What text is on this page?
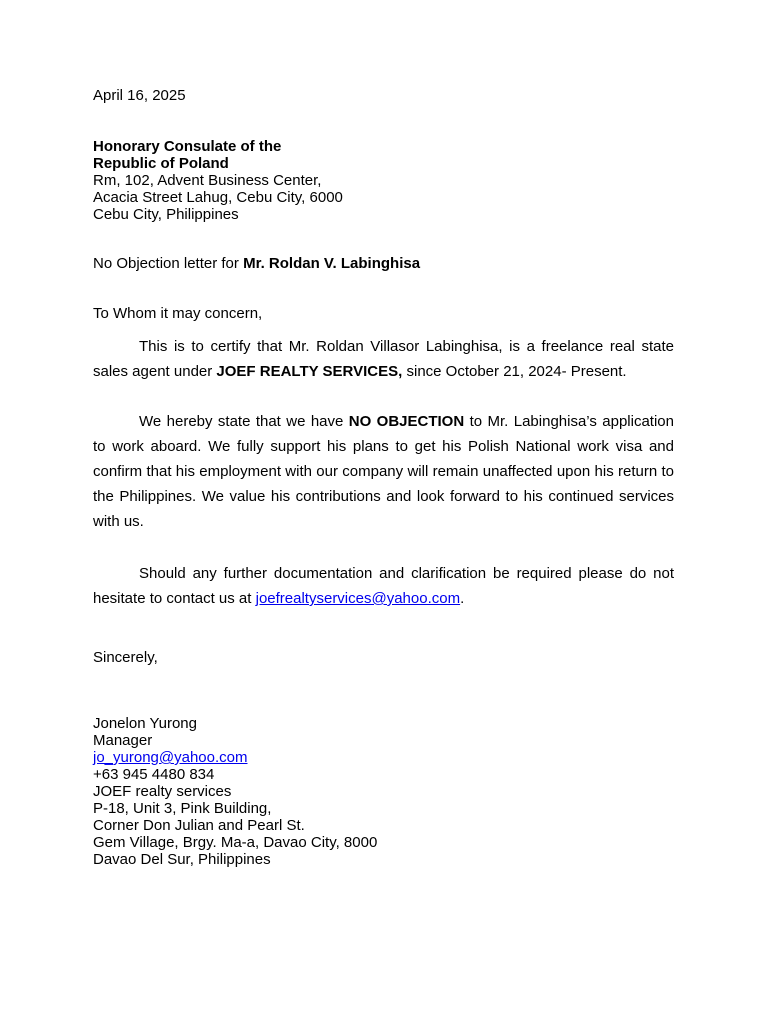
April 16, 2025
Honorary Consulate of the
Republic of Poland
Rm, 102, Advent Business Center,
Acacia Street Lahug, Cebu City, 6000
Cebu City, Philippines
No Objection letter for Mr. Roldan V. Labinghisa
To Whom it may concern,
This is to certify that Mr. Roldan Villasor Labinghisa, is a freelance real state sales agent under JOEF REALTY SERVICES, since October 21, 2024- Present.
We hereby state that we have NO OBJECTION to Mr. Labinghisa’s application to work aboard. We fully support his plans to get his Polish National work visa and confirm that his employment with our company will remain unaffected upon his return to the Philippines. We value his contributions and look forward to his continued services with us.
Should any further documentation and clarification be required please do not hesitate to contact us at joefrealtyservices@yahoo.com.
Sincerely,
Jonelon Yurong
Manager
jo_yurong@yahoo.com
+63 945 4480 834
JOEF realty services
P-18, Unit 3, Pink Building,
Corner Don Julian and Pearl St.
Gem Village, Brgy. Ma-a, Davao City, 8000
Davao Del Sur, Philippines
